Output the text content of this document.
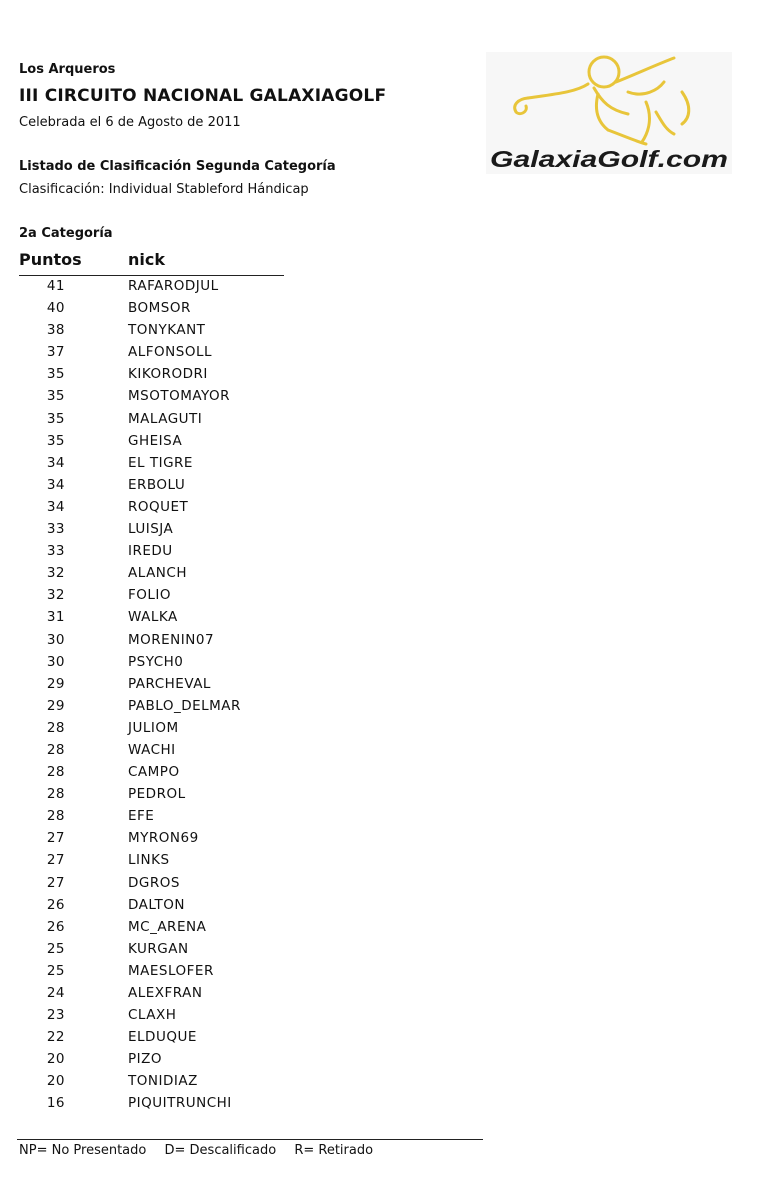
Los Arqueros
III CIRCUITO NACIONAL GALAXIAGOLF
Celebrada el 6 de Agosto de 2011
Listado de Clasificación Segunda Categoría
Clasificación: Individual Stableford Hándicap
2a Categoría
GalaxiaGolf.com
Puntos	nick
41	RAFARODJUL
40	BOMSOR
38	TONYKANT
37	ALFONSOLL
35	KIKORODRI
35	MSOTOMAYOR
35	MALAGUTI
35	GHEISA
34	EL TIGRE
34	ERBOLU
34	ROQUET
33	LUISJA
33	IREDU
32	ALANCH
32	FOLIO
31	WALKA
30	MORENIN07
30	PSYCH0
29	PARCHEVAL
29	PABLO_DELMAR
28	JULIOM
28	WACHI
28	CAMPO
28	PEDROL
28	EFE
27	MYRON69
27	LINKS
27	DGROS
26	DALTON
26	MC_ARENA
25	KURGAN
25	MAESLOFER
24	ALEXFRAN
23	CLAXH
22	ELDUQUE
20	PIZO
20	TONIDIAZ
16	PIQUITRUNCHI
NP= No Presentado D= Descalificado R= Retirado
